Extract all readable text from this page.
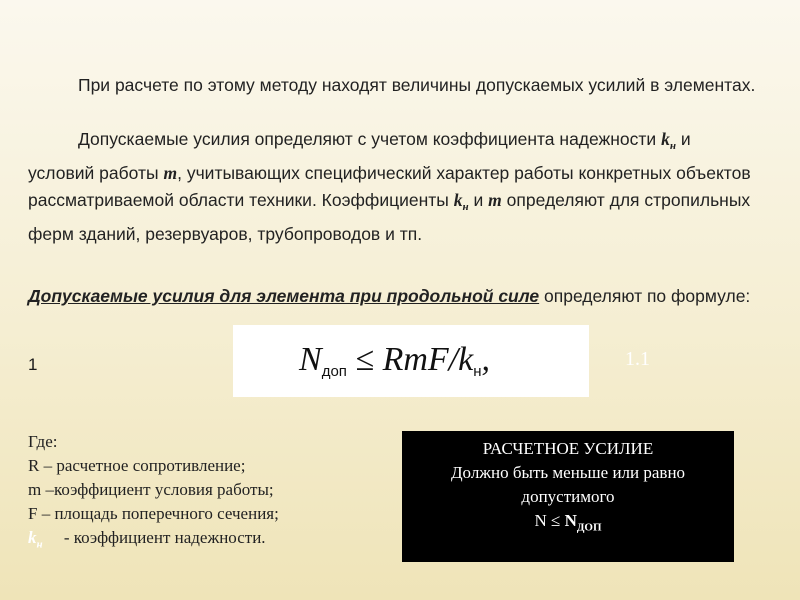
При расчете по этому методу находят величины допускаемых усилий в элементах.
Допускаемые усилия определяют с учетом коэффициента надежности $k_н$ и условий работы m, учитывающих специфический характер работы конкретных объектов рассматриваемой области техники. Коэффициенты $k_н$ и m определяют для стропильных ферм зданий, резервуаров, трубопроводов и тп.
Допускаемые усилия для элемента при продольной силе определяют по формуле:
1	Nдоп ≤ RmF/kн,	1.1
Где:
R – расчетное сопротивление;
m –коэффициент условия работы;
F – площадь поперечного сечения;
$k_н$ - коэффициент надежности.
РАСЧЕТНОЕ УСИЛИЕ
Должно быть меньше или равно
допустимого
$N \le N_{ДОП}$
